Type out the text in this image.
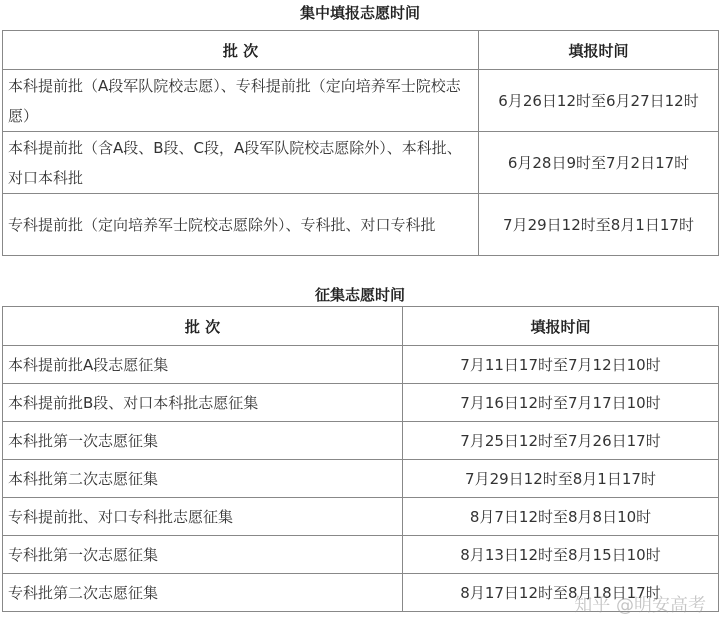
集中填报志愿时间
批 次	填报时间
本科提前批（A段军队院校志愿）、专科提前批（定向培养军士院校志愿）	6月26日12时至6月27日12时
本科提前批（含A段、B段、C段，A段军队院校志愿除外）、本科批、对口本科批	6月28日9时至7月2日17时
专科提前批（定向培养军士院校志愿除外）、专科批、对口专科批	7月29日12时至8月1日17时
征集志愿时间
批 次	填报时间
本科提前批A段志愿征集	7月11日17时至7月12日10时
本科提前批B段、对口本科批志愿征集	7月16日12时至7月17日10时
本科批第一次志愿征集	7月25日12时至7月26日17时
本科批第二次志愿征集	7月29日12时至8月1日17时
专科提前批、对口专科批志愿征集	8月7日12时至8月8日10时
专科批第一次志愿征集	8月13日12时至8月15日10时
专科批第二次志愿征集	8月17日12时至8月18日17时
知乎 @明安高考
